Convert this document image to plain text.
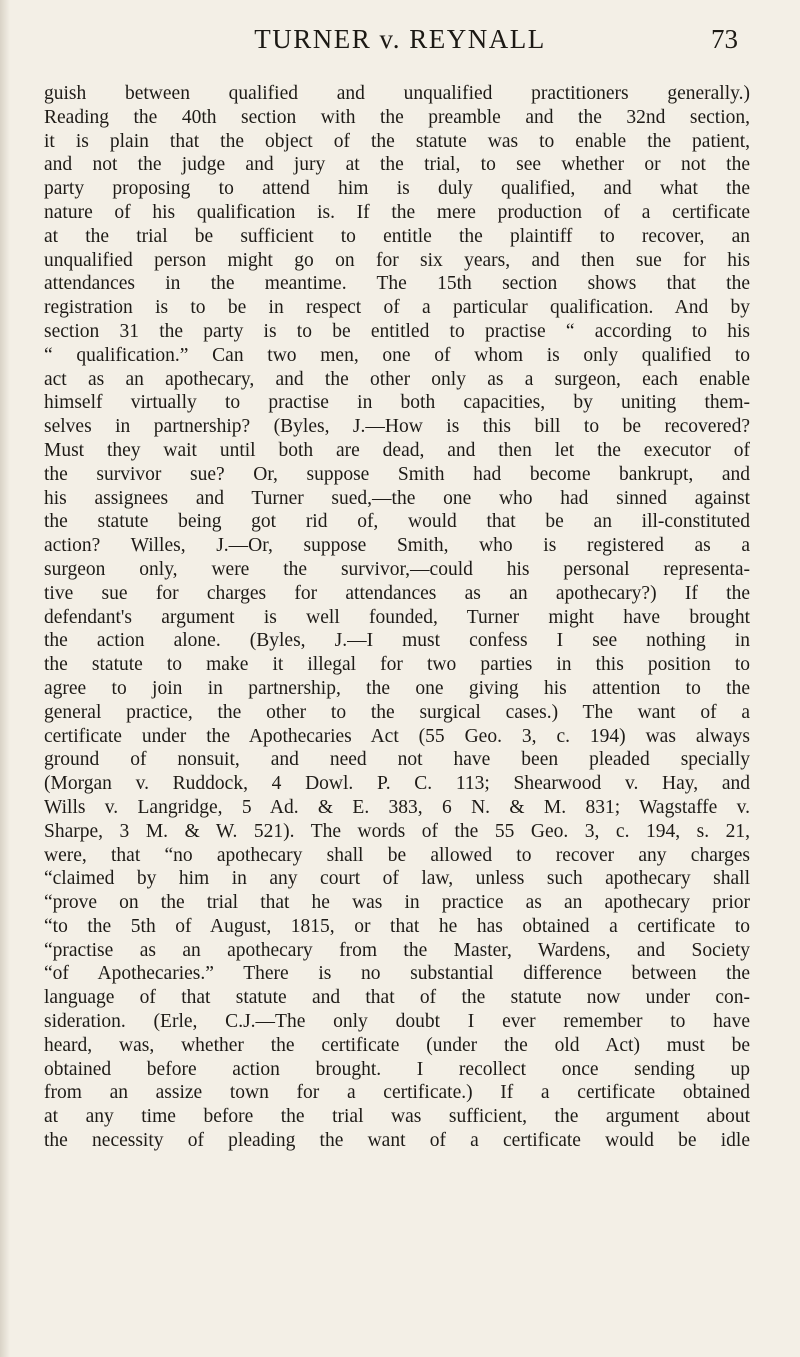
TURNER v. REYNALL	73
guish between qualified and unqualified practitioners generally.)
Reading the 40th section with the preamble and the 32nd section,
it is plain that the object of the statute was to enable the patient,
and not the judge and jury at the trial, to see whether or not the
party proposing to attend him is duly qualified, and what the
nature of his qualification is. If the mere production of a certificate
at the trial be sufficient to entitle the plaintiff to recover, an
unqualified person might go on for six years, and then sue for his
attendances in the meantime. The 15th section shows that the
registration is to be in respect of a particular qualification. And by
section 31 the party is to be entitled to practise “ according to his
“ qualification.” Can two men, one of whom is only qualified to
act as an apothecary, and the other only as a surgeon, each enable
himself virtually to practise in both capacities, by uniting them-
selves in partnership? (Byles, J.—How is this bill to be recovered?
Must they wait until both are dead, and then let the executor of
the survivor sue? Or, suppose Smith had become bankrupt, and
his assignees and Turner sued,—the one who had sinned against
the statute being got rid of, would that be an ill-constituted
action? Willes, J.—Or, suppose Smith, who is registered as a
surgeon only, were the survivor,—could his personal representa-
tive sue for charges for attendances as an apothecary?) If the
defendant's argument is well founded, Turner might have brought
the action alone. (Byles, J.—I must confess I see nothing in
the statute to make it illegal for two parties in this position to
agree to join in partnership, the one giving his attention to the
general practice, the other to the surgical cases.) The want of a
certificate under the Apothecaries Act (55 Geo. 3, c. 194) was always
ground of nonsuit, and need not have been pleaded specially
(Morgan v. Ruddock, 4 Dowl. P. C. 113; Shearwood v. Hay, and
Wills v. Langridge, 5 Ad. & E. 383, 6 N. & M. 831; Wagstaffe v.
Sharpe, 3 M. & W. 521). The words of the 55 Geo. 3, c. 194, s. 21,
were, that “no apothecary shall be allowed to recover any charges
“claimed by him in any court of law, unless such apothecary shall
“prove on the trial that he was in practice as an apothecary prior
“to the 5th of August, 1815, or that he has obtained a certificate to
“practise as an apothecary from the Master, Wardens, and Society
“of Apothecaries.” There is no substantial difference between the
language of that statute and that of the statute now under con-
sideration. (Erle, C.J.—The only doubt I ever remember to have
heard, was, whether the certificate (under the old Act) must be
obtained before action brought. I recollect once sending up
from an assize town for a certificate.) If a certificate obtained
at any time before the trial was sufficient, the argument about
the necessity of pleading the want of a certificate would be idle
